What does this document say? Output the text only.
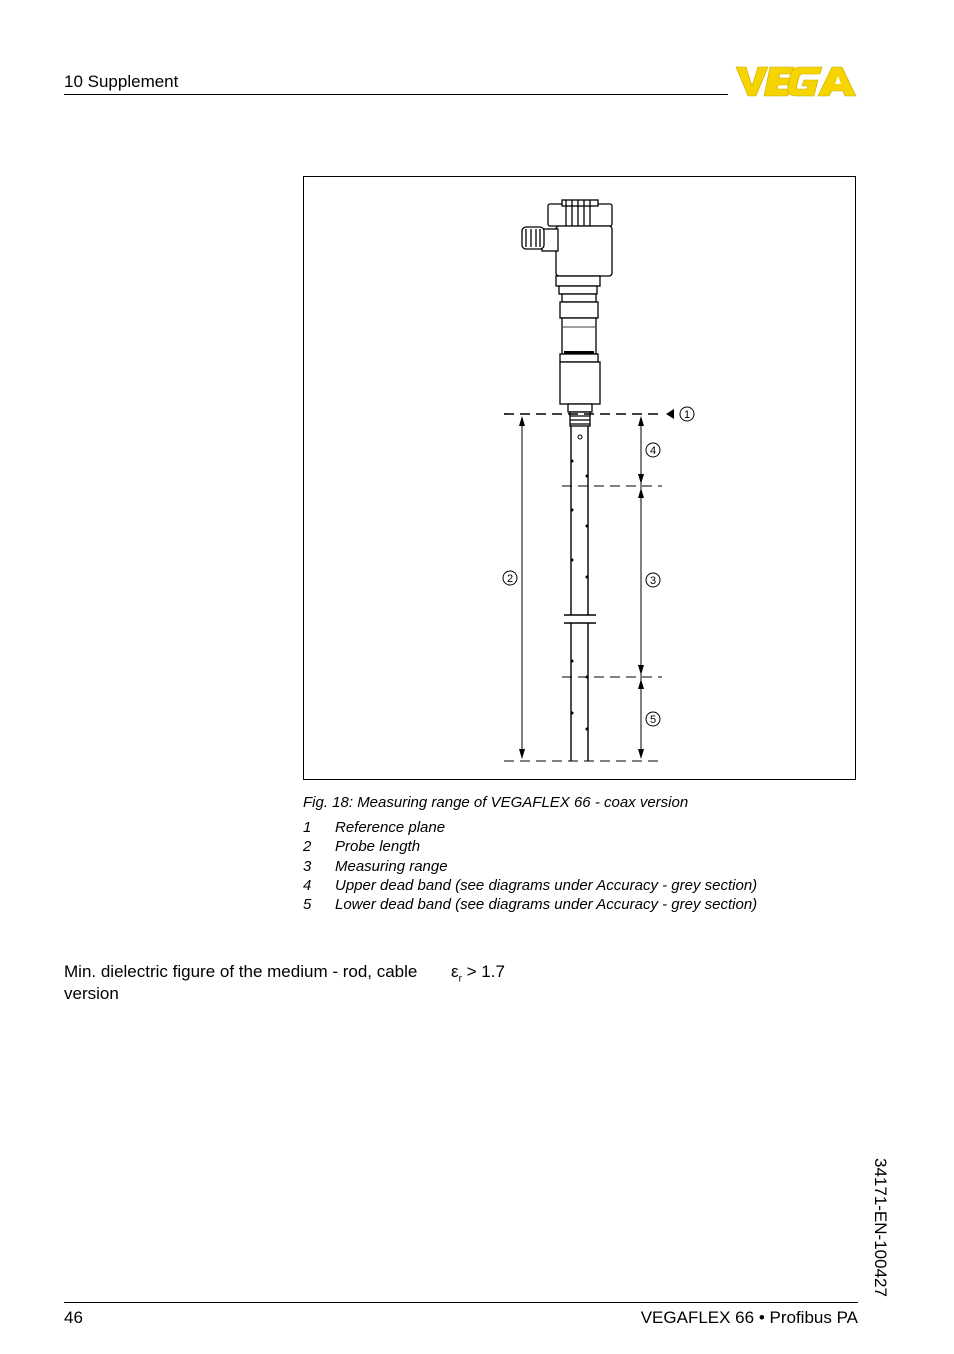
10 Supplement
1
2	3
4
5
Fig. 18: Measuring range of VEGAFLEX 66 - coax version
1 Reference plane
2 Probe length
3 Measuring range
4 Upper dead band (see diagrams under Accuracy - grey section)
5 Lower dead band (see diagrams under Accuracy - grey section)
Min. dielectric figure of the medium - rod, cable version
$\varepsilon_r > 1.7$
34171-EN-100427
46	VEGAFLEX 66 • Profibus PA
